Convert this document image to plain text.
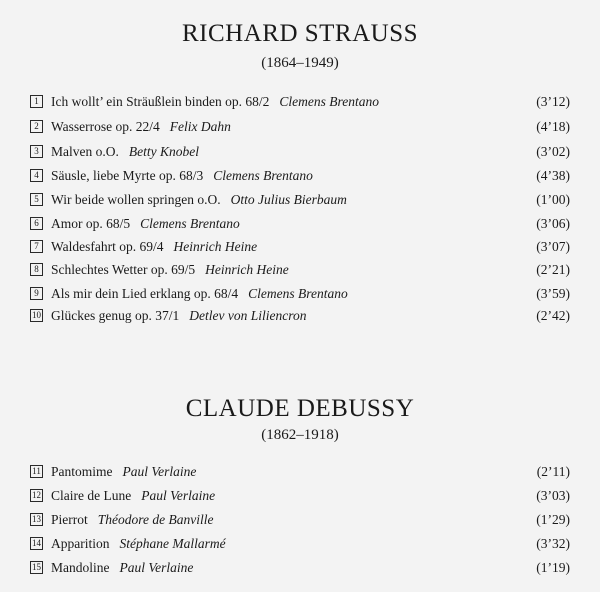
RICHARD STRAUSS
(1864–1949)
1 Ich wollt’ ein Sträußlein binden op. 68/2 Clemens Brentano	(3’12)
2 Wasserrose op. 22/4 Felix Dahn	(4’18)
3 Malven o.O. Betty Knobel	(3’02)
4 Säusle, liebe Myrte op. 68/3 Clemens Brentano	(4’38)
5 Wir beide wollen springen o.O. Otto Julius Bierbaum	(1’00)
6 Amor op. 68/5 Clemens Brentano	(3’06)
7 Waldesfahrt op. 69/4 Heinrich Heine	(3’07)
8 Schlechtes Wetter op. 69/5 Heinrich Heine	(2’21)
9 Als mir dein Lied erklang op. 68/4 Clemens Brentano	(3’59)
10 Glückes genug op. 37/1 Detlev von Liliencron	(2’42)
CLAUDE DEBUSSY
(1862–1918)
11 Pantomime Paul Verlaine	(2’11)
12 Claire de Lune Paul Verlaine	(3’03)
13 Pierrot Théodore de Banville	(1’29)
14 Apparition Stéphane Mallarmé	(3’32)
15 Mandoline Paul Verlaine	(1’19)
